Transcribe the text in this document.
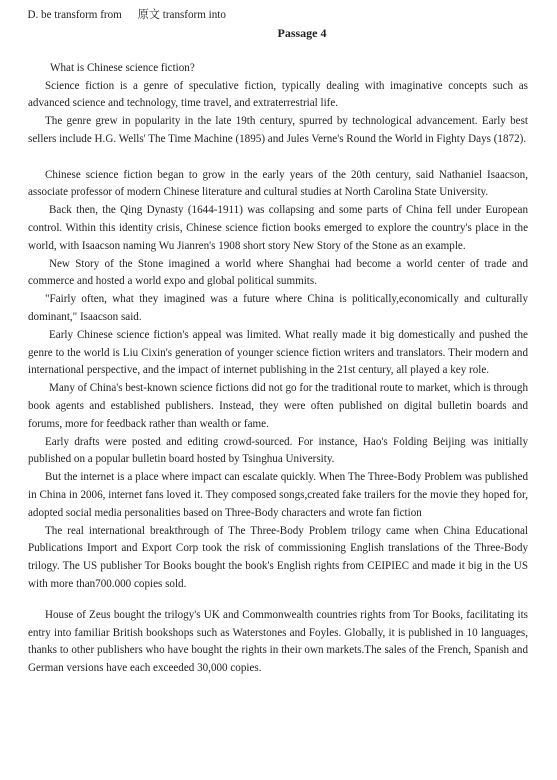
D. be transform from 原文 transform into
Passage 4

What is Chinese science fiction?

Science fiction is a genre of speculative fiction, typically dealing with imaginative concepts such as advanced science and technology, time travel, and extraterrestrial life.

The genre grew in popularity in the late 19th century, spurred by technological advancement. Early best sellers include H.G. Wells' The Time Machine (1895) and Jules Verne's Round the World in Fighty Days (1872).

Chinese science fiction began to grow in the early years of the 20th century, said Nathaniel Isaacson, associate professor of modern Chinese literature and cultural studies at North Carolina State University.

Back then, the Qing Dynasty (1644-1911) was collapsing and some parts of China fell under European control. Within this identity crisis, Chinese science fiction books emerged to explore the country's place in the world, with Isaacson naming Wu Jianren's 1908 short story New Story of the Stone as an example.

New Story of the Stone imagined a world where Shanghai had become a world center of trade and commerce and hosted a world expo and global political summits.

"Fairly often, what they imagined was a future where China is politically,economically and culturally dominant," Isaacson said.

Early Chinese science fiction's appeal was limited. What really made it big domestically and pushed the genre to the world is Liu Cixin's generation of younger science fiction writers and translators. Their modern and international perspective, and the impact of internet publishing in the 21st century, all played a key role.

Many of China's best-known science fictions did not go for the traditional route to market, which is through book agents and established publishers. Instead, they were often published on digital bulletin boards and forums, more for feedback rather than wealth or fame.

Early drafts were posted and editing crowd-sourced. For instance, Hao's Folding Beijing was initially published on a popular bulletin board hosted by Tsinghua University.

But the internet is a place where impact can escalate quickly. When The Three-Body Problem was published in China in 2006, internet fans loved it. They composed songs,created fake trailers for the movie they hoped for, adopted social media personalities based on Three-Body characters and wrote fan fiction

The real international breakthrough of The Three-Body Problem trilogy came when China Educational Publications Import and Export Corp took the risk of commissioning English translations of the Three-Body trilogy. The US publisher Tor Books bought the book's English rights from CEIPIEC and made it big in the US with more than700.000 copies sold.

House of Zeus bought the trilogy's UK and Commonwealth countries rights from Tor Books, facilitating its entry into familiar British bookshops such as Waterstones and Foyles. Globally, it is published in 10 languages, thanks to other publishers who have bought the rights in their own markets.The sales of the French, Spanish and German versions have each exceeded 30,000 copies.
